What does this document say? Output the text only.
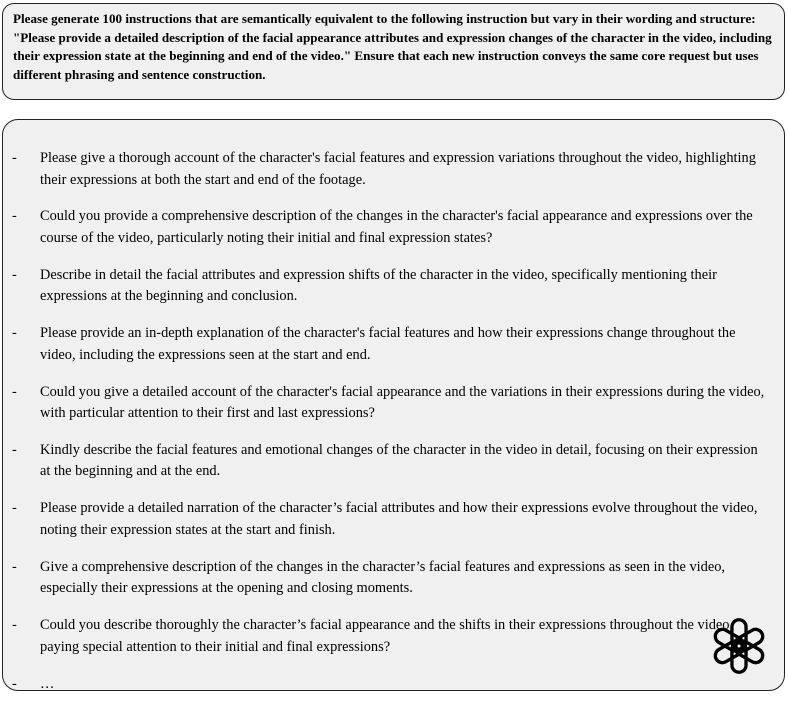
Please generate 100 instructions that are semantically equivalent to the following instruction but vary in their wording and structure: "Please provide a detailed description of the facial appearance attributes and expression changes of the character in the video, including their expression state at the beginning and end of the video." Ensure that each new instruction conveys the same core request but uses different phrasing and sentence construction.

-	Please give a thorough account of the character's facial features and expression variations throughout the video, highlighting their expressions at both the start and end of the footage.
-	Could you provide a comprehensive description of the changes in the character's facial appearance and expressions over the course of the video, particularly noting their initial and final expression states?
-	Describe in detail the facial attributes and expression shifts of the character in the video, specifically mentioning their expressions at the beginning and conclusion.
-	Please provide an in-depth explanation of the character's facial features and how their expressions change throughout the video, including the expressions seen at the start and end.
-	Could you give a detailed account of the character's facial appearance and the variations in their expressions during the video, with particular attention to their first and last expressions?
-	Kindly describe the facial features and emotional changes of the character in the video in detail, focusing on their expression at the beginning and at the end.
-	Please provide a detailed narration of the character’s facial attributes and how their expressions evolve throughout the video, noting their expression states at the start and finish.
-	Give a comprehensive description of the changes in the character’s facial features and expressions as seen in the video, especially their expressions at the opening and closing moments.
-	Could you describe thoroughly the character’s facial appearance and the shifts in their expressions throughout the video, paying special attention to their initial and final expressions?
-	…
